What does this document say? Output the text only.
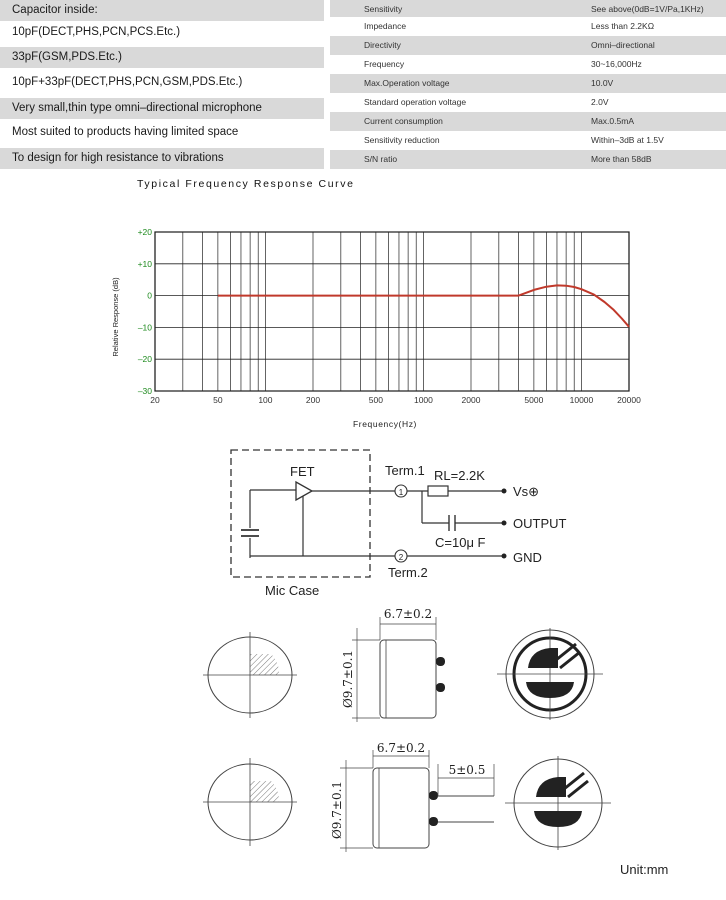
Capacitor inside:
10pF(DECT,PHS,PCN,PCS.Etc.)
33pF(GSM,PDS.Etc.)
10pF+33pF(DECT,PHS,PCN,GSM,PDS.Etc.)
Very small,thin type omni–directional microphone
Most suited to products having limited space
To design for high resistance to vibrations
Sensitivity	See above(0dB=1V/Pa,1KHz)
Impedance	Less than 2.2KΩ
Directivity	Omni–directional
Frequency	30~16,000Hz
Max.Operation voltage	10.0V
Standard operation voltage	2.0V
Current consumption	Max.0.5mA
Sensitivity reduction	Within–3dB at 1.5V
S/N ratio	More than 58dB
Typical Frequency Response Curve
20	50	100	200	500	1000	2000	5000	10000	20000
+20
+10
0
–10
–20
–30
Relative Response (dB)
Frequency(Hz)
FET
1
Term.1 RL=2.2K
Vs⊕
OUTPUT
C=10μ F
2	GND
Term.2
Mic Case
6.7±0.2
Ø9.7±0.1
6.7±0.2
5±0.5
Ø9.7±0.1
Unit:mm
